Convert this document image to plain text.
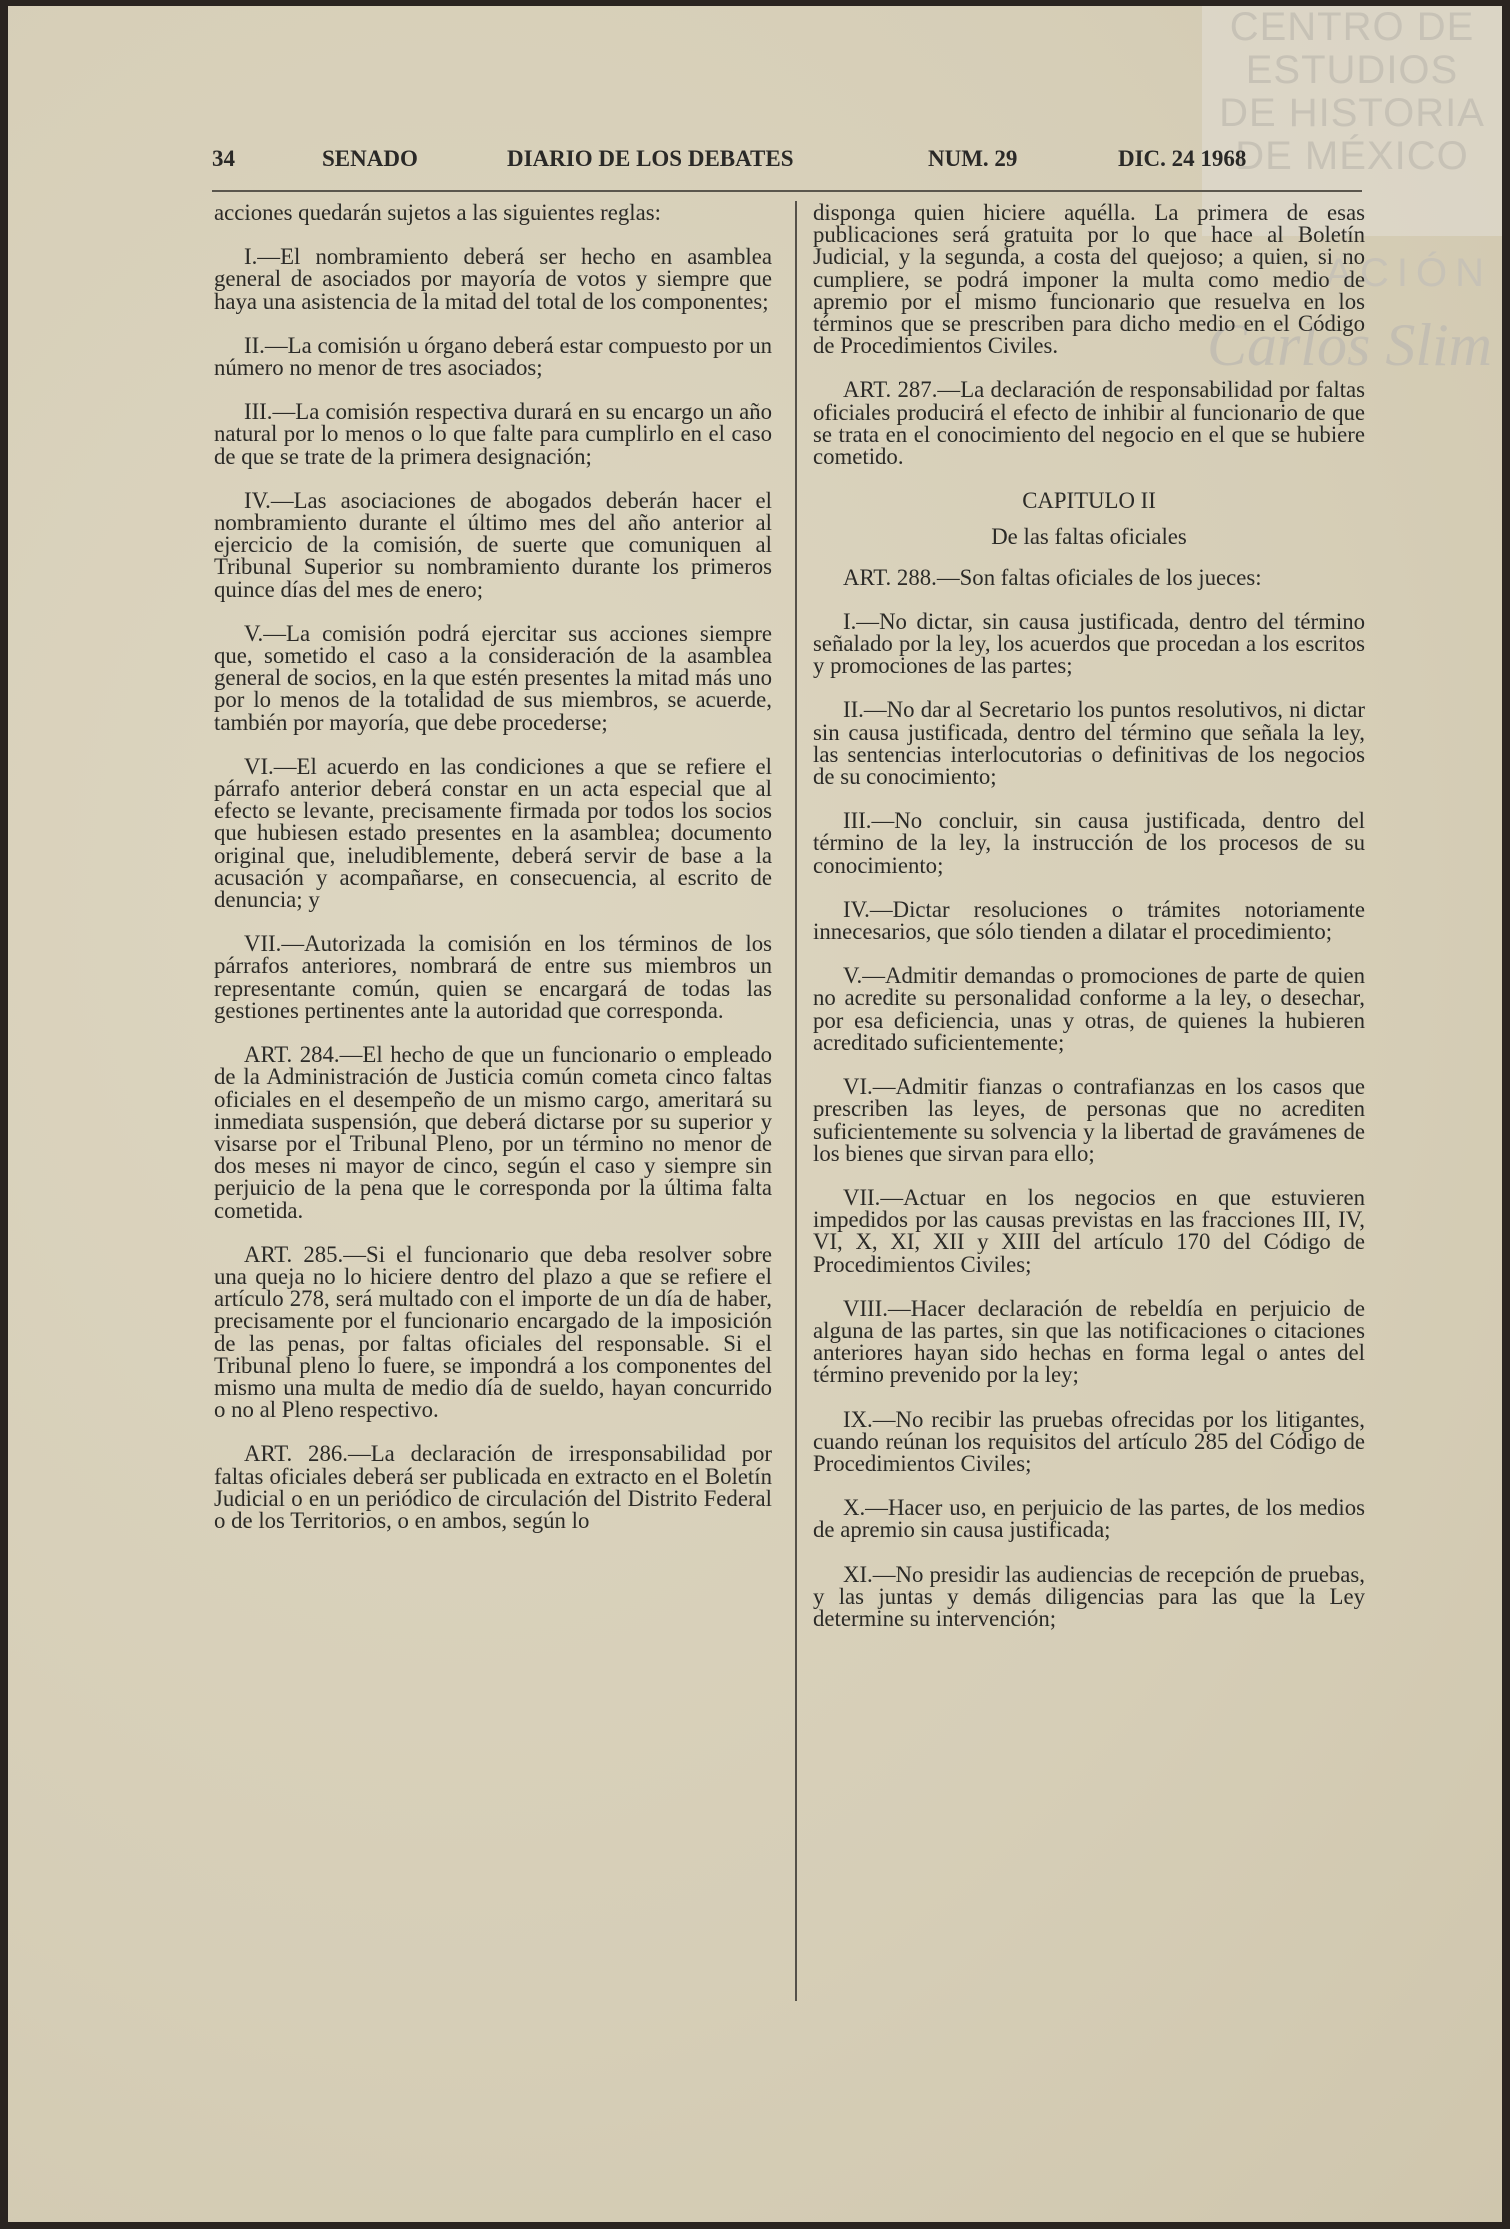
CENTRO DE
ESTUDIOS
DE HISTORIA
DE MÉXICO
ACIÓN
Carlos Slim
34	SENADO	DIARIO DE LOS DEBATES	NUM. 29	DIC. 24 1968

acciones quedarán sujetos a las siguientes reglas:

I.—El nombramiento deberá ser hecho en asamblea general de asociados por mayoría de votos y siempre que haya una asistencia de la mitad del total de los componentes;

II.—La comisión u órgano deberá estar compuesto por un número no menor de tres asociados;

III.—La comisión respectiva durará en su encargo un año natural por lo menos o lo que falte para cumplirlo en el caso de que se trate de la primera designación;

IV.—Las asociaciones de abogados deberán hacer el nombramiento durante el último mes del año anterior al ejercicio de la comisión, de suerte que comuniquen al Tribunal Superior su nombramiento durante los primeros quince días del mes de enero;

V.—La comisión podrá ejercitar sus acciones siempre que, sometido el caso a la consideración de la asamblea general de socios, en la que estén presentes la mitad más uno por lo menos de la totalidad de sus miembros, se acuerde, también por mayoría, que debe procederse;

VI.—El acuerdo en las condiciones a que se refiere el párrafo anterior deberá constar en un acta especial que al efecto se levante, precisamente firmada por todos los socios que hubiesen estado presentes en la asamblea; documento original que, ineludiblemente, deberá servir de base a la acusación y acompañarse, en consecuencia, al escrito de denuncia; y

VII.—Autorizada la comisión en los términos de los párrafos anteriores, nombrará de entre sus miembros un representante común, quien se encargará de todas las gestiones pertinentes ante la autoridad que corresponda.

ART. 284.—El hecho de que un funcionario o empleado de la Administración de Justicia común cometa cinco faltas oficiales en el desempeño de un mismo cargo, ameritará su inmediata suspensión, que deberá dictarse por su superior y visarse por el Tribunal Pleno, por un término no menor de dos meses ni mayor de cinco, según el caso y siempre sin perjuicio de la pena que le corresponda por la última falta cometida.

ART. 285.—Si el funcionario que deba resolver sobre una queja no lo hiciere dentro del plazo a que se refiere el artículo 278, será multado con el importe de un día de haber, precisamente por el funcionario encargado de la imposición de las penas, por faltas oficiales del responsable. Si el Tribunal pleno lo fuere, se impondrá a los componentes del mismo una multa de medio día de sueldo, hayan concurrido o no al Pleno respectivo.

ART. 286.—La declaración de irresponsabilidad por faltas oficiales deberá ser publicada en extracto en el Boletín Judicial o en un periódico de circulación del Distrito Federal o de los Territorios, o en ambos, según lo

disponga quien hiciere aquélla. La primera de esas publicaciones será gratuita por lo que hace al Boletín Judicial, y la segunda, a costa del quejoso; a quien, si no cumpliere, se podrá imponer la multa como medio de apremio por el mismo funcionario que resuelva en los términos que se prescriben para dicho medio en el Código de Procedimientos Civiles.

ART. 287.—La declaración de responsabilidad por faltas oficiales producirá el efecto de inhibir al funcionario de que se trata en el conocimiento del negocio en el que se hubiere cometido.

CAPITULO II

De las faltas oficiales

ART. 288.—Son faltas oficiales de los jueces:

I.—No dictar, sin causa justificada, dentro del término señalado por la ley, los acuerdos que procedan a los escritos y promociones de las partes;

II.—No dar al Secretario los puntos resolutivos, ni dictar sin causa justificada, dentro del término que señala la ley, las sentencias interlocutorias o definitivas de los negocios de su conocimiento;

III.—No concluir, sin causa justificada, dentro del término de la ley, la instrucción de los procesos de su conocimiento;

IV.—Dictar resoluciones o trámites notoriamente innecesarios, que sólo tienden a dilatar el procedimiento;

V.—Admitir demandas o promociones de parte de quien no acredite su personalidad conforme a la ley, o desechar, por esa deficiencia, unas y otras, de quienes la hubieren acreditado suficientemente;

VI.—Admitir fianzas o contrafianzas en los casos que prescriben las leyes, de personas que no acrediten suficientemente su solvencia y la libertad de gravámenes de los bienes que sirvan para ello;

VII.—Actuar en los negocios en que estuvieren impedidos por las causas previstas en las fracciones III, IV, VI, X, XI, XII y XIII del artículo 170 del Código de Procedimientos Civiles;

VIII.—Hacer declaración de rebeldía en perjuicio de alguna de las partes, sin que las notificaciones o citaciones anteriores hayan sido hechas en forma legal o antes del término prevenido por la ley;

IX.—No recibir las pruebas ofrecidas por los litigantes, cuando reúnan los requisitos del artículo 285 del Código de Procedimientos Civiles;

X.—Hacer uso, en perjuicio de las partes, de los medios de apremio sin causa justificada;

XI.—No presidir las audiencias de recepción de pruebas, y las juntas y demás diligencias para las que la Ley determine su intervención;
